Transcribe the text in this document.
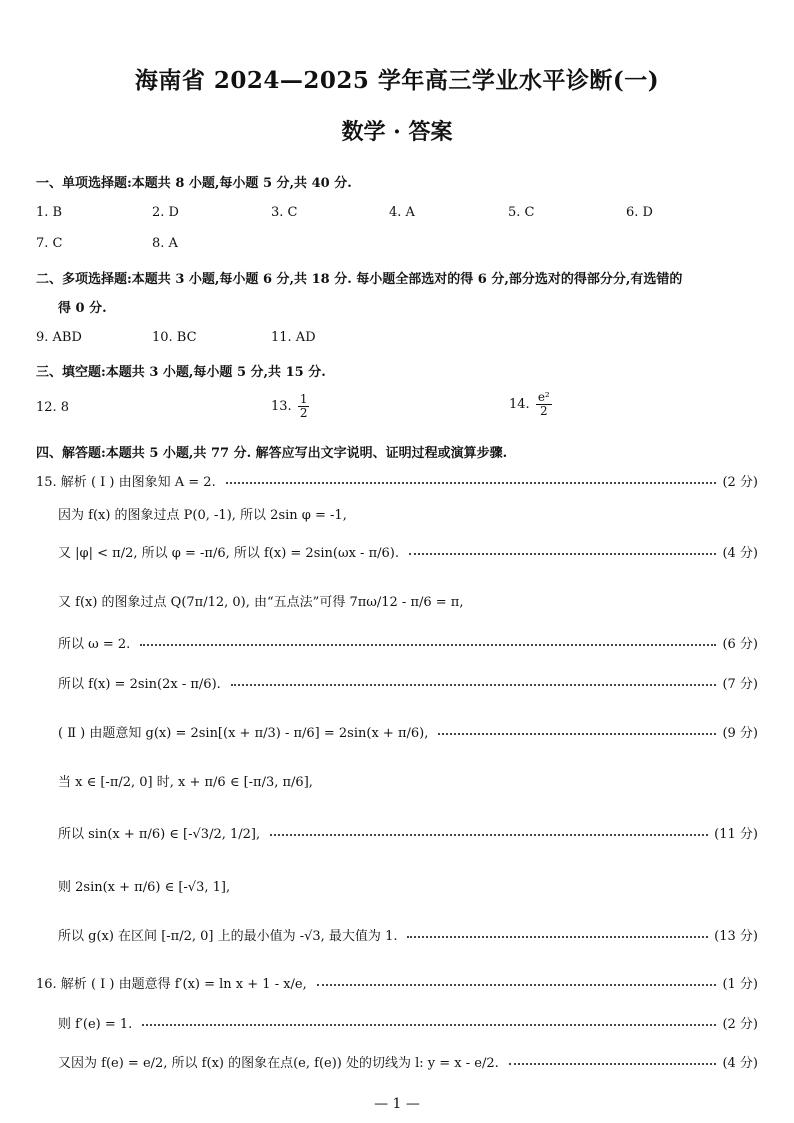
海南省 2024—2025 学年高三学业水平诊断(一)
数学 · 答案
一、单项选择题:本题共 8 小题,每小题 5 分,共 40 分.
1. B	2. D	3. C	4. A	5. C	6. D
7. C	8. A
二、多项选择题:本题共 3 小题,每小题 6 分,共 18 分. 每小题全部选对的得 6 分,部分选对的得部分分,有选错的
得 0 分.
9. ABD	10. BC	11. AD
三、填空题:本题共 3 小题,每小题 5 分,共 15 分.
12. 8	13. $\frac{1}{2}$	14. $\frac{\text{e²}}{2}$
四、解答题:本题共 5 小题,共 77 分. 解答应写出文字说明、证明过程或演算步骤.
15. 解析 ( Ⅰ ) 由图象知 A = 2.	(2 分)
因为 f(x) 的图象过点 P(0, -1), 所以 2sin φ = -1,
又 |φ| < π/2, 所以 φ = -π/6, 所以 f(x) = 2sin(ωx - π/6).	(4 分)
又 f(x) 的图象过点 Q(7π/12, 0), 由“五点法”可得 7πω/12 - π/6 = π,
所以 ω = 2.	(6 分)
所以 f(x) = 2sin(2x - π/6).	(7 分)
( Ⅱ ) 由题意知 g(x) = 2sin[(x + π/3) - π/6] = 2sin(x + π/6),	(9 分)
当 x ∈ [-π/2, 0] 时, x + π/6 ∈ [-π/3, π/6],
所以 sin(x + π/6) ∈ [-√3/2, 1/2],	(11 分)
则 2sin(x + π/6) ∈ [-√3, 1],
所以 g(x) 在区间 [-π/2, 0] 上的最小值为 -√3, 最大值为 1.	(13 分)
16. 解析 ( Ⅰ ) 由题意得 f′(x) = ln x + 1 - x/e,	(1 分)
则 f′(e) = 1.	(2 分)
又因为 f(e) = e/2, 所以 f(x) 的图象在点(e, f(e)) 处的切线为 l: y = x - e/2.	(4 分)
— 1 —
